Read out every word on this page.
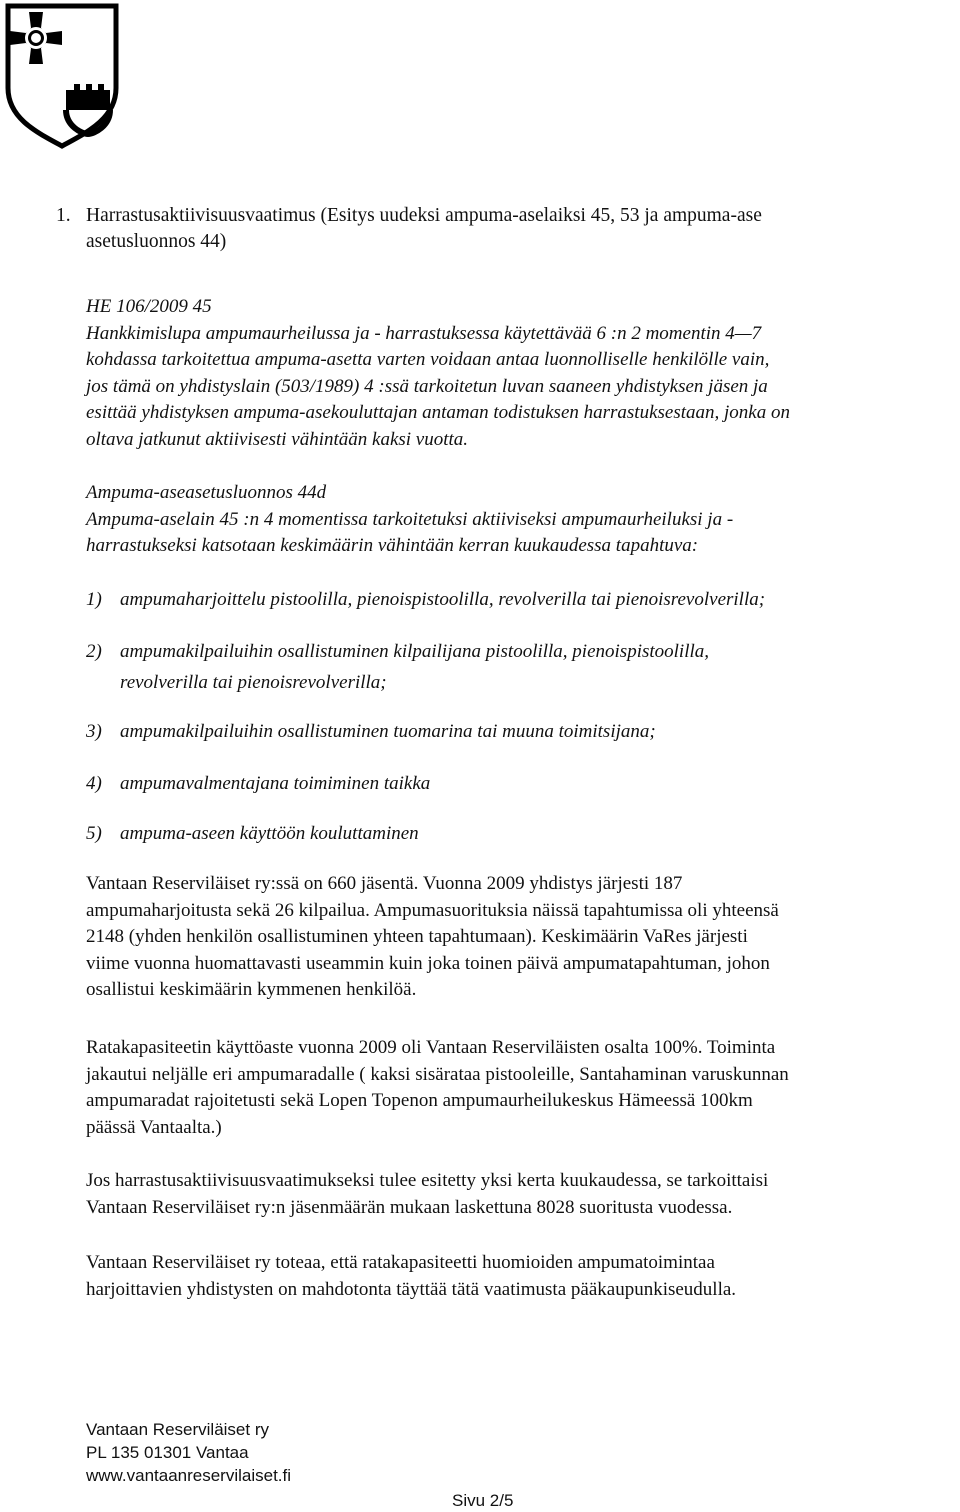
1. Harrastusaktiivisuusvaatimus (Esitys uudeksi ampuma-aselaiksi 45, 53 ja ampuma-ase
asetusluonnos 44)
HE 106/2009 45
Hankkimislupa ampumaurheilussa ja - harrastuksessa käytettävää 6 :n 2 momentin 4—7
kohdassa tarkoitettua ampuma-asetta varten voidaan antaa luonnolliselle henkilölle vain,
jos tämä on yhdistyslain (503/1989) 4 :ssä tarkoitetun luvan saaneen yhdistyksen jäsen ja
esittää yhdistyksen ampuma-asekouluttajan antaman todistuksen harrastuksestaan, jonka on
oltava jatkunut aktiivisesti vähintään kaksi vuotta.
Ampuma-aseasetusluonnos 44d
Ampuma-aselain 45 :n 4 momentissa tarkoitetuksi aktiiviseksi ampumaurheiluksi ja -
harrastukseksi katsotaan keskimäärin vähintään kerran kuukaudessa tapahtuva:
1) ampumaharjoittelu pistoolilla, pienoispistoolilla, revolverilla tai pienoisrevolverilla;
2) ampumakilpailuihin osallistuminen kilpailijana pistoolilla, pienoispistoolilla,
revolverilla tai pienoisrevolverilla;
3) ampumakilpailuihin osallistuminen tuomarina tai muuna toimitsijana;
4) ampumavalmentajana toimiminen taikka
5) ampuma-aseen käyttöön kouluttaminen
Vantaan Reserviläiset ry:ssä on 660 jäsentä. Vuonna 2009 yhdistys järjesti 187
ampumaharjoitusta sekä 26 kilpailua. Ampumasuorituksia näissä tapahtumissa oli yhteensä
2148 (yhden henkilön osallistuminen yhteen tapahtumaan). Keskimäärin VaRes järjesti
viime vuonna huomattavasti useammin kuin joka toinen päivä ampumatapahtuman, johon
osallistui keskimäärin kymmenen henkilöä.
Ratakapasiteetin käyttöaste vuonna 2009 oli Vantaan Reserviläisten osalta 100%. Toiminta
jakautui neljälle eri ampumaradalle ( kaksi sisärataa pistooleille, Santahaminan varuskunnan
ampumaradat rajoitetusti sekä Lopen Topenon ampumaurheilukeskus Hämeessä 100km
päässä Vantaalta.)
Jos harrastusaktiivisuusvaatimukseksi tulee esitetty yksi kerta kuukaudessa, se tarkoittaisi
Vantaan Reserviläiset ry:n jäsenmäärän mukaan laskettuna 8028 suoritusta vuodessa.
Vantaan Reserviläiset ry toteaa, että ratakapasiteetti huomioiden ampumatoimintaa
harjoittavien yhdistysten on mahdotonta täyttää tätä vaatimusta pääkaupunkiseudulla.
Vantaan Reserviläiset ry
PL 135 01301 Vantaa
www.vantaanreservilaiset.fi
Sivu 2/5
